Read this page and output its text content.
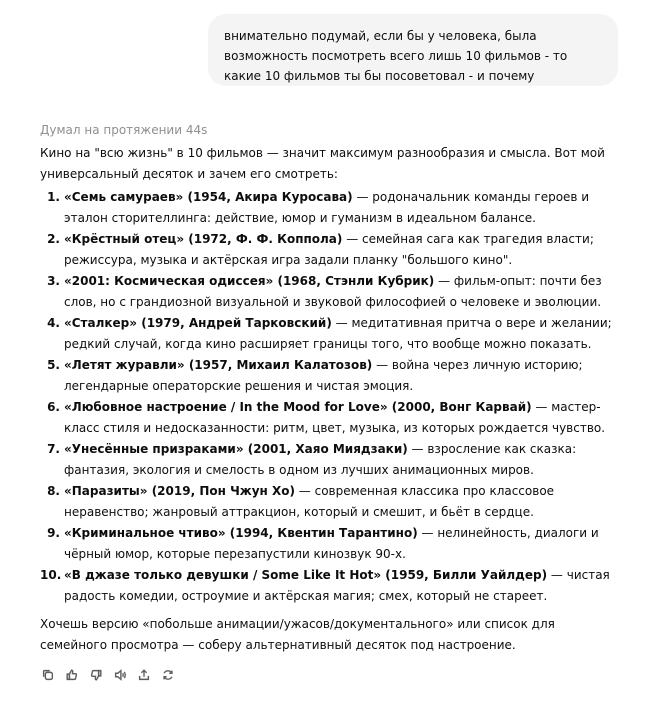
внимательно подумай, если бы у человека, была возможность посмотреть всего лишь 10 фильмов - то какие 10 фильмов ты бы посоветовал - и почему
Думал на протяжении 44s
Кино на "всю жизнь" в 10 фильмов — значит максимум разнообразия и смысла. Вот мой универсальный десяток и зачем его смотреть:
1. «Семь самураев» (1954, Акира Куросава) — родоначальник команды героев и эталон сторителлинга: действие, юмор и гуманизм в идеальном балансе.
2. «Крёстный отец» (1972, Ф. Ф. Коппола) — семейная сага как трагедия власти; режиссура, музыка и актёрская игра задали планку "большого кино".
3. «2001: Космическая одиссея» (1968, Стэнли Кубрик) — фильм-опыт: почти без слов, но с грандиозной визуальной и звуковой философией о человеке и эволюции.
4. «Сталкер» (1979, Андрей Тарковский) — медитативная притча о вере и желании; редкий случай, когда кино расширяет границы того, что вообще можно показать.
5. «Летят журавли» (1957, Михаил Калатозов) — война через личную историю; легендарные операторские решения и чистая эмоция.
6. «Любовное настроение / In the Mood for Love» (2000, Вонг Карвай) — мастер-класс стиля и недосказанности: ритм, цвет, музыка, из которых рождается чувство.
7. «Унесённые призраками» (2001, Хаяо Миядзаки) — взросление как сказка: фантазия, экология и смелость в одном из лучших анимационных миров.
8. «Паразиты» (2019, Пон Чжун Хо) — современная классика про классовое неравенство; жанровый аттракцион, который и смешит, и бьёт в сердце.
9. «Криминальное чтиво» (1994, Квентин Тарантино) — нелинейность, диалоги и чёрный юмор, которые перезапустили кинозвук 90-х.
10. «В джазе только девушки / Some Like It Hot» (1959, Билли Уайлдер) — чистая радость комедии, остроумие и актёрская магия; смех, который не стареет.
Хочешь версию «побольше анимации/ужасов/документального» или список для семейного просмотра — соберу альтернативный десяток под настроение.
